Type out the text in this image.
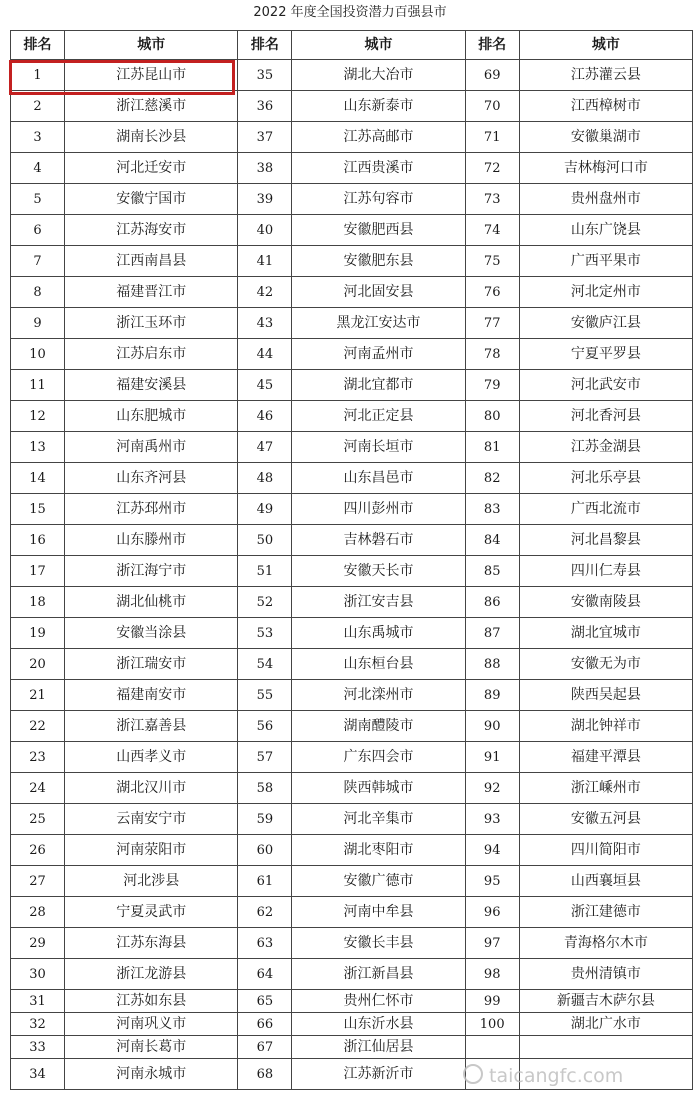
2022 年度全国投资潜力百强县市
排名	城市	排名	城市	排名	城市
1	江苏昆山市	35	湖北大冶市	69	江苏灌云县
2	浙江慈溪市	36	山东新泰市	70	江西樟树市
3	湖南长沙县	37	江苏高邮市	71	安徽巢湖市
4	河北迁安市	38	江西贵溪市	72	吉林梅河口市
5	安徽宁国市	39	江苏句容市	73	贵州盘州市
6	江苏海安市	40	安徽肥西县	74	山东广饶县
7	江西南昌县	41	安徽肥东县	75	广西平果市
8	福建晋江市	42	河北固安县	76	河北定州市
9	浙江玉环市	43	黑龙江安达市	77	安徽庐江县
10	江苏启东市	44	河南孟州市	78	宁夏平罗县
11	福建安溪县	45	湖北宜都市	79	河北武安市
12	山东肥城市	46	河北正定县	80	河北香河县
13	河南禹州市	47	河南长垣市	81	江苏金湖县
14	山东齐河县	48	山东昌邑市	82	河北乐亭县
15	江苏邳州市	49	四川彭州市	83	广西北流市
16	山东滕州市	50	吉林磐石市	84	河北昌黎县
17	浙江海宁市	51	安徽天长市	85	四川仁寿县
18	湖北仙桃市	52	浙江安吉县	86	安徽南陵县
19	安徽当涂县	53	山东禹城市	87	湖北宜城市
20	浙江瑞安市	54	山东桓台县	88	安徽无为市
21	福建南安市	55	河北滦州市	89	陕西吴起县
22	浙江嘉善县	56	湖南醴陵市	90	湖北钟祥市
23	山西孝义市	57	广东四会市	91	福建平潭县
24	湖北汉川市	58	陕西韩城市	92	浙江嵊州市
25	云南安宁市	59	河北辛集市	93	安徽五河县
26	河南荥阳市	60	湖北枣阳市	94	四川简阳市
27	河北涉县	61	安徽广德市	95	山西襄垣县
28	宁夏灵武市	62	河南中牟县	96	浙江建德市
29	江苏东海县	63	安徽长丰县	97	青海格尔木市
30	浙江龙游县	64	浙江新昌县	98	贵州清镇市
31	江苏如东县	65	贵州仁怀市	99	新疆吉木萨尔县
32	河南巩义市	66	山东沂水县	100	湖北广水市
33	河南长葛市	67	浙江仙居县		
34	河南永城市	68	江苏新沂市			taicangfc.com
